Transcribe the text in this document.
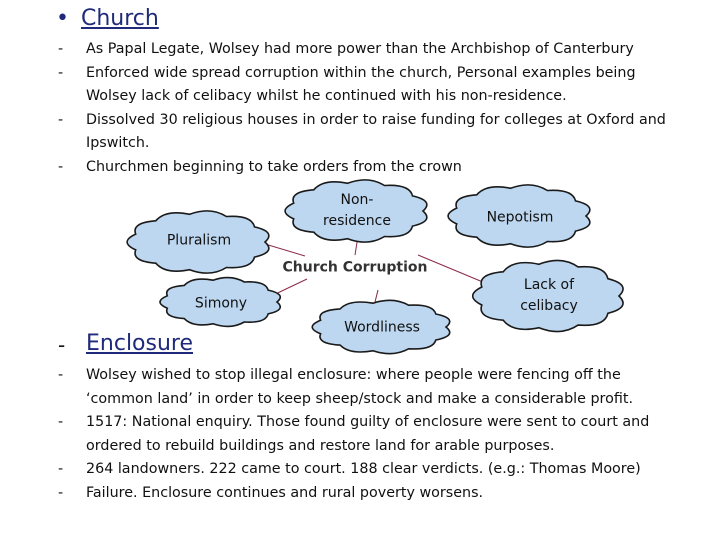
• Church
- As Papal Legate, Wolsey had more power than the Archbishop of Canterbury
- Enforced wide spread corruption within the church, Personal examples being Wolsey lack of celibacy whilst he continued with his non-residence.
- Dissolved 30 religious houses in order to raise funding for colleges at Oxford and Ipswitch.
- Churchmen beginning to take orders from the crown
Church Corruption
Non-residence	Nepotism
Pluralism
Simony
Wordliness
Lack of celibacy
- Enclosure
- Wolsey wished to stop illegal enclosure: where people were fencing off the ‘common land’ in order to keep sheep/stock and make a considerable profit.
- 1517: National enquiry. Those found guilty of enclosure were sent to court and ordered to rebuild buildings and restore land for arable purposes.
- 264 landowners. 222 came to court. 188 clear verdicts. (e.g.: Thomas Moore)
- Failure. Enclosure continues and rural poverty worsens.
